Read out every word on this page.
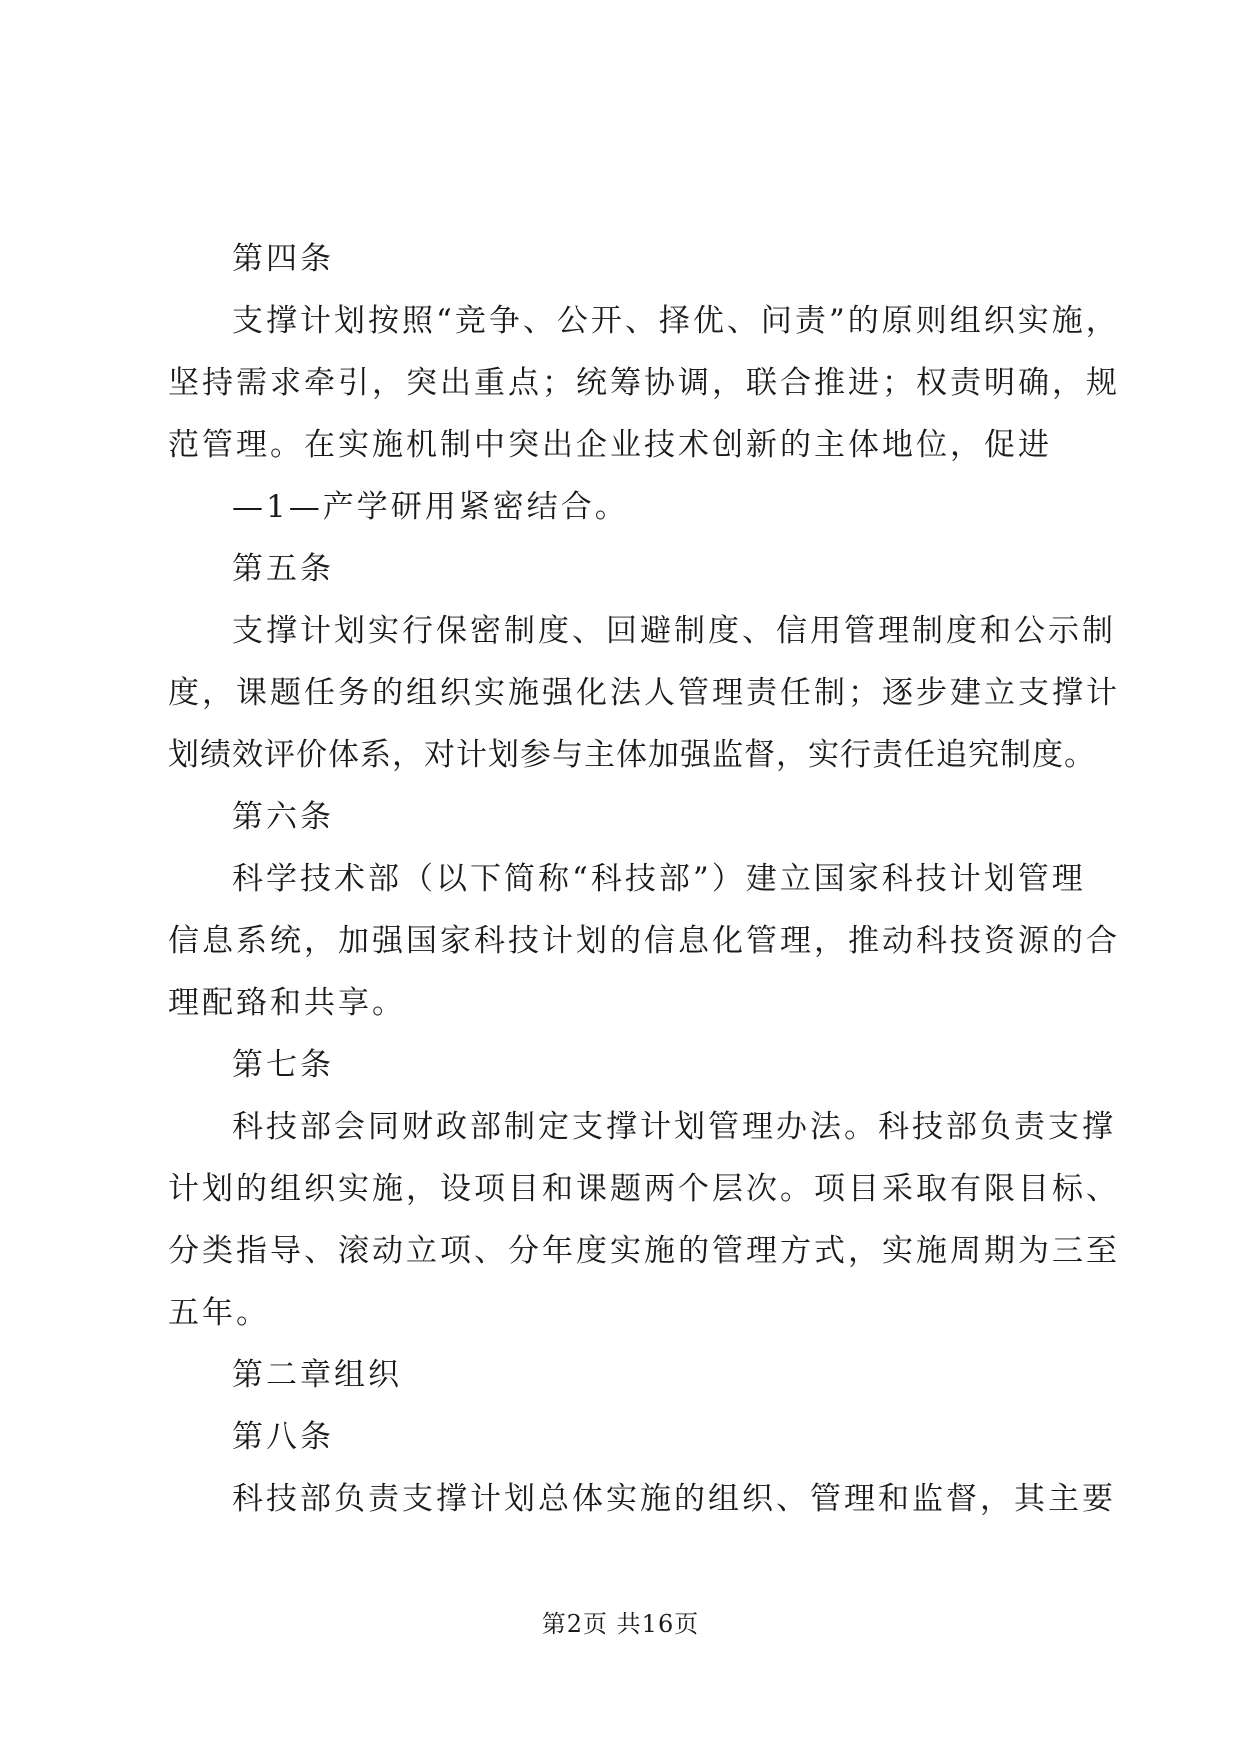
第四条
支撑计划按照“竞争、公开、择优、问责”的原则组织实施，
坚持需求牵引，突出重点；统筹协调，联合推进；权责明确，规
范管理。在实施机制中突出企业技术创新的主体地位，促进
—1—产学研用紧密结合。
第五条
支撑计划实行保密制度、回避制度、信用管理制度和公示制
度，课题任务的组织实施强化法人管理责任制；逐步建立支撑计
划绩效评价体系，对计划参与主体加强监督，实行责任追究制度。
第六条
科学技术部（以下简称“科技部”）建立国家科技计划管理
信息系统，加强国家科技计划的信息化管理，推动科技资源的合
理配臵和共享。
第七条
科技部会同财政部制定支撑计划管理办法。科技部负责支撑
计划的组织实施，设项目和课题两个层次。项目采取有限目标、
分类指导、滚动立项、分年度实施的管理方式，实施周期为三至
五年。
第二章组织
第八条
科技部负责支撑计划总体实施的组织、管理和监督，其主要
第2页 共16页
